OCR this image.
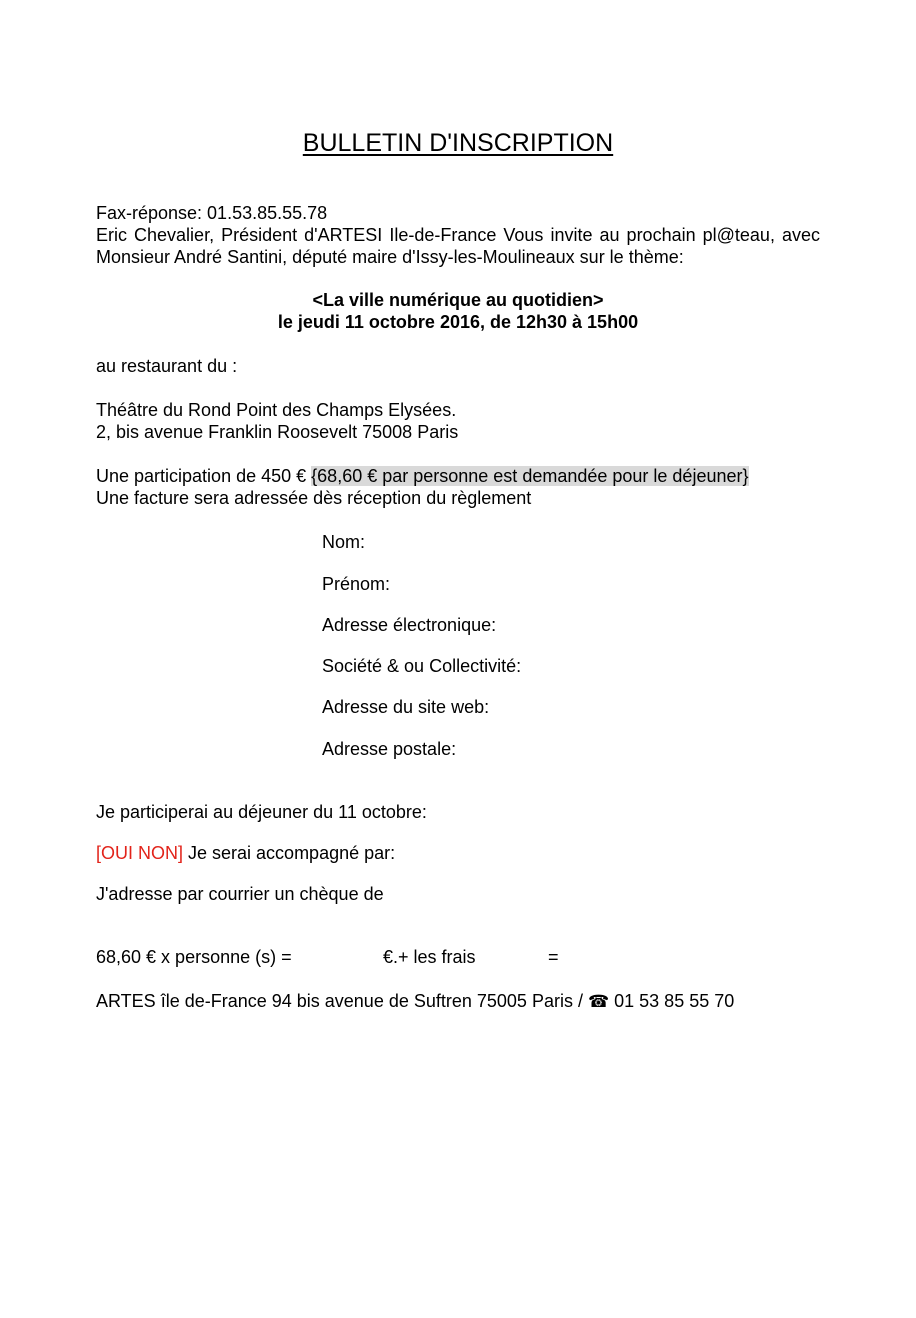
BULLETIN D'INSCRIPTION
Fax-réponse: 01.53.85.55.78
Eric Chevalier, Président d'ARTESI Ile-de-France Vous invite au prochain pl@teau, avec Monsieur André Santini, député maire d'Issy-les-Moulineaux sur le thème:
<La ville numérique au quotidien>
le jeudi 11 octobre 2016, de 12h30 à 15h00
au restaurant du :
Théâtre du Rond Point des Champs Elysées.
2, bis avenue Franklin Roosevelt 75008 Paris
Une participation de 450 € {68,60 € par personne est demandée pour le déjeuner}
Une facture sera adressée dès réception du règlement
Nom:
Prénom:
Adresse électronique:
Société & ou Collectivité:
Adresse du site web:
Adresse postale:
Je participerai au déjeuner du 11 octobre:
[OUI NON] Je serai accompagné par:
J'adresse par courrier un chèque de
68,60 € x personne (s) =	€.+ les frais	=
ARTES île de-France 94 bis avenue de Suftren 75005 Paris / ☎ 01 53 85 55 70
